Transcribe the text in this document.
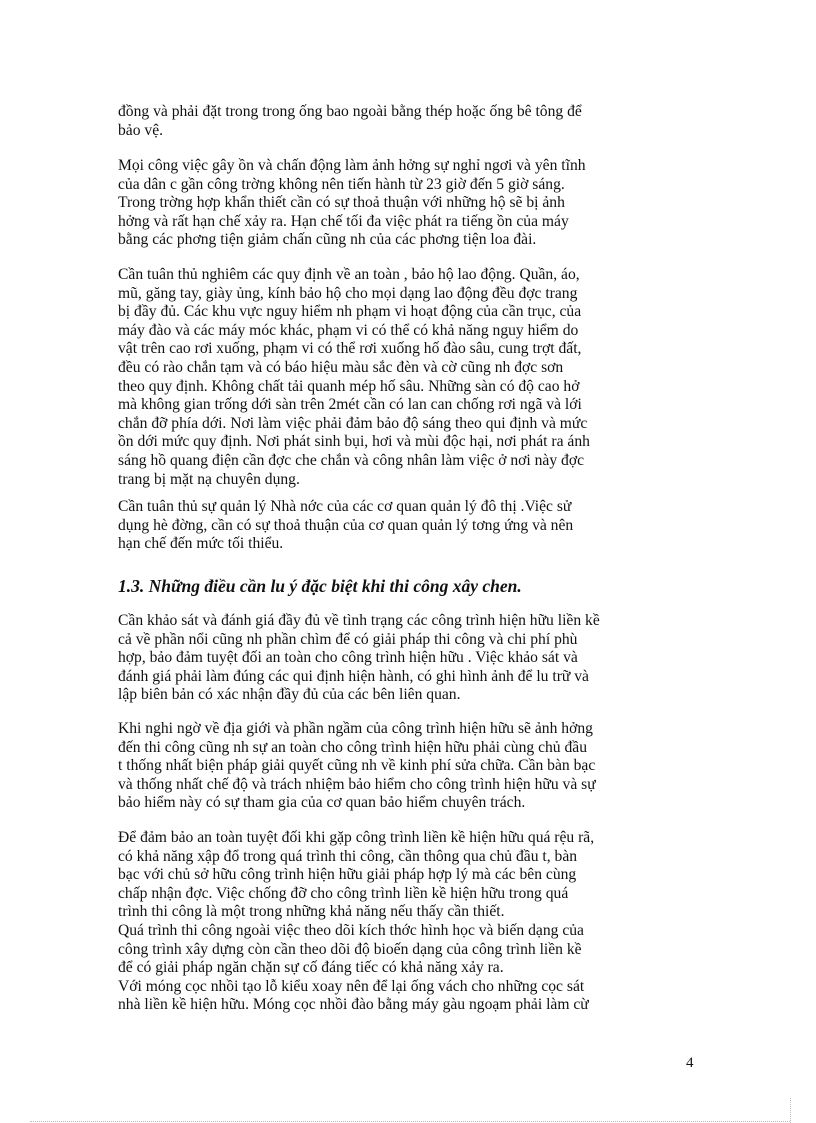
đồng và phải đặt trong trong ống bao ngoài bằng thép hoặc ống bê tông để
bảo vệ.
Mọi công việc gây ồn và chấn động làm ảnh hởng sự nghỉ ngơi và yên tĩnh
của dân c gần công trờng không nên tiến hành từ 23 giờ đến 5 giờ sáng.
Trong trờng hợp khẩn thiết cần có sự thoả thuận với những hộ sẽ bị ảnh
hởng và rất hạn chế xảy ra. Hạn chế tối đa việc phát ra tiếng ồn của máy
bằng các phơng tiện giảm chấn cũng nh của các phơng tiện loa đài.
Cần tuân thủ nghiêm các quy định về an toàn , bảo hộ lao động. Quần, áo,
mũ, găng tay, giày ủng, kính bảo hộ cho mọi dạng lao động đều đợc trang
bị đầy đủ. Các khu vực nguy hiểm nh phạm vi hoạt động của cần trục, của
máy đào và các máy móc khác, phạm vi có thể có khả năng nguy hiểm do
vật trên cao rơi xuống, phạm vi có thể rơi xuống hố đào sâu, cung trợt đất,
đều có rào chắn tạm và có báo hiệu màu sắc đèn và cờ cũng nh đợc sơn
theo quy định. Không chất tải quanh mép hố sâu. Những sàn có độ cao hở
mà không gian trống dới sàn trên 2mét cần có lan can chống rơi ngã và lới
chắn đỡ phía dới. Nơi làm việc phải đảm bảo độ sáng theo qui định và mức
ồn dới mức quy định. Nơi phát sinh bụi, hơi và mùi độc hại, nơi phát ra ánh
sáng hồ quang điện cần đợc che chắn và công nhân làm việc ở nơi này đợc
trang bị mặt nạ chuyên dụng.
Cần tuân thủ sự quản lý Nhà nớc của các cơ quan quản lý đô thị .Việc sử
dụng hè đờng, cần có sự thoả thuận của cơ quan quản lý tơng ứng và nên
hạn chế đến mức tối thiểu.
1.3. Những điều cần lu ý đặc biệt khi thi công xây chen.
Cần khảo sát và đánh giá đầy đủ về tình trạng các công trình hiện hữu liền kề
cả về phần nổi cũng nh phần chìm để có giải pháp thi công và chi phí phù
hợp, bảo đảm tuyệt đối an toàn cho công trình hiện hữu . Việc khảo sát và
đánh giá phải làm đúng các qui định hiện hành, có ghi hình ảnh để lu trữ và
lập biên bản có xác nhận đầy đủ của các bên liên quan.
Khi nghi ngờ về địa giới và phần ngầm của công trình hiện hữu sẽ ảnh hởng
đến thi công cũng nh sự an toàn cho công trình hiện hữu phải cùng chủ đầu
t thống nhất biện pháp giải quyết cũng nh về kinh phí sửa chữa. Cần bàn bạc
và thống nhất chế độ và trách nhiệm bảo hiểm cho công trình hiện hữu và sự
bảo hiểm này có sự tham gia của cơ quan bảo hiểm chuyên trách.
Để đảm bảo an toàn tuyệt đối khi gặp công trình liền kề hiện hữu quá rệu rã,
có khả năng xập đổ trong quá trình thi công, cần thông qua chủ đầu t, bàn
bạc với chủ sở hữu công trình hiện hữu giải pháp hợp lý mà các bên cùng
chấp nhận đợc. Việc chống đỡ cho công trình liền kề hiện hữu trong quá
trình thi công là một trong những khả năng nếu thấy cần thiết.
Quá trình thi công ngoài việc theo dõi kích thớc hình học và biến dạng của
công trình xây dựng còn cần theo dõi độ bioến dạng của công trình liền kề
để có giải pháp ngăn chặn sự cố đáng tiếc có khả năng xảy ra.
Với móng cọc nhồi tạo lỗ kiểu xoay nên để lại ống vách cho những cọc sát
nhà liền kề hiện hữu. Móng cọc nhồi đào bằng máy gàu ngoạm phải làm cừ
4
